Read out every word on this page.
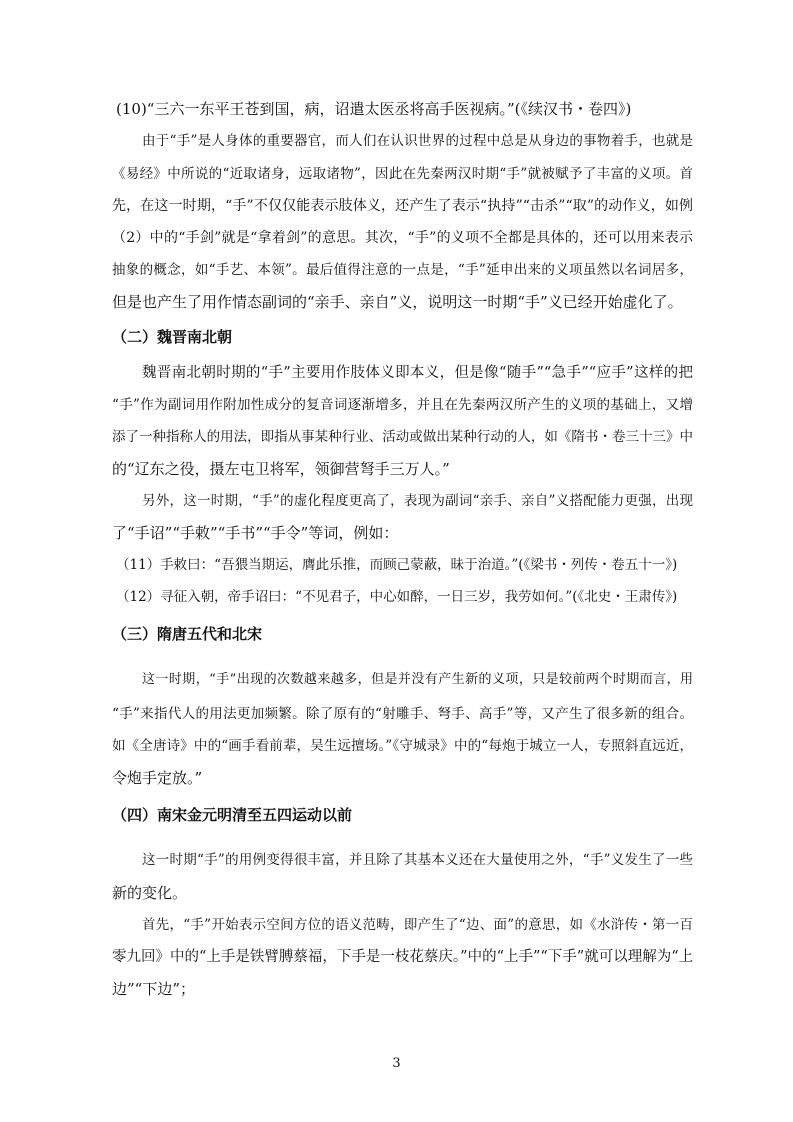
(10)“三六一东平王苍到国，病，诏遣太医丞将高手医视病。”(《续汉书・卷四》)
由于“手”是人身体的重要器官，而人们在认识世界的过程中总是从身边的事物着手，也就是
《易经》中所说的“近取诸身，远取诸物”，因此在先秦两汉时期“手”就被赋予了丰富的义项。首
先，在这一时期，“手”不仅仅能表示肢体义，还产生了表示“执持”“击杀”“取”的动作义，如例
（2）中的“手剑”就是“拿着剑”的意思。其次，“手”的义项不全都是具体的，还可以用来表示
抽象的概念，如“手艺、本领”。最后值得注意的一点是，“手”延申出来的义项虽然以名词居多，
但是也产生了用作情态副词的“亲手、亲自”义，说明这一时期“手”义已经开始虚化了。
（二）魏晋南北朝
魏晋南北朝时期的“手”主要用作肢体义即本义，但是像“随手”“急手”“应手”这样的把
“手”作为副词用作附加性成分的复音词逐渐增多，并且在先秦两汉所产生的义项的基础上，又增
添了一种指称人的用法，即指从事某种行业、活动或做出某种行动的人，如《隋书・卷三十三》中
的“辽东之役，摄左屯卫将军，领御营弩手三万人。”
另外，这一时期，“手”的虚化程度更高了，表现为副词“亲手、亲自”义搭配能力更强，出现
了“手诏”“手敕”“手书”“手令”等词，例如：
（11）手敕曰：“吾猥当期运，膺此乐推，而顾己蒙蔽，昧于治道。”(《梁书・列传・卷五十一》)
（12）寻征入朝，帝手诏曰：“不见君子，中心如醉，一日三岁，我劳如何。”(《北史・王肃传》)
（三）隋唐五代和北宋
这一时期，“手”出现的次数越来越多，但是并没有产生新的义项，只是较前两个时期而言，用
“手”来指代人的用法更加频繁。除了原有的“射雕手、弩手、高手”等，又产生了很多新的组合。
如《全唐诗》中的“画手看前辈，吴生远擅场。”《守城录》中的“每炮于城立一人，专照斜直远近，
令炮手定放。”
（四）南宋金元明清至五四运动以前
这一时期“手”的用例变得很丰富，并且除了其基本义还在大量使用之外，“手”义发生了一些
新的变化。
首先，“手”开始表示空间方位的语义范畴，即产生了“边、面”的意思，如《水浒传・第一百
零九回》中的“上手是铁臂膊蔡福，下手是一枝花蔡庆。”中的“上手”“下手”就可以理解为“上
边”“下边”；
3
